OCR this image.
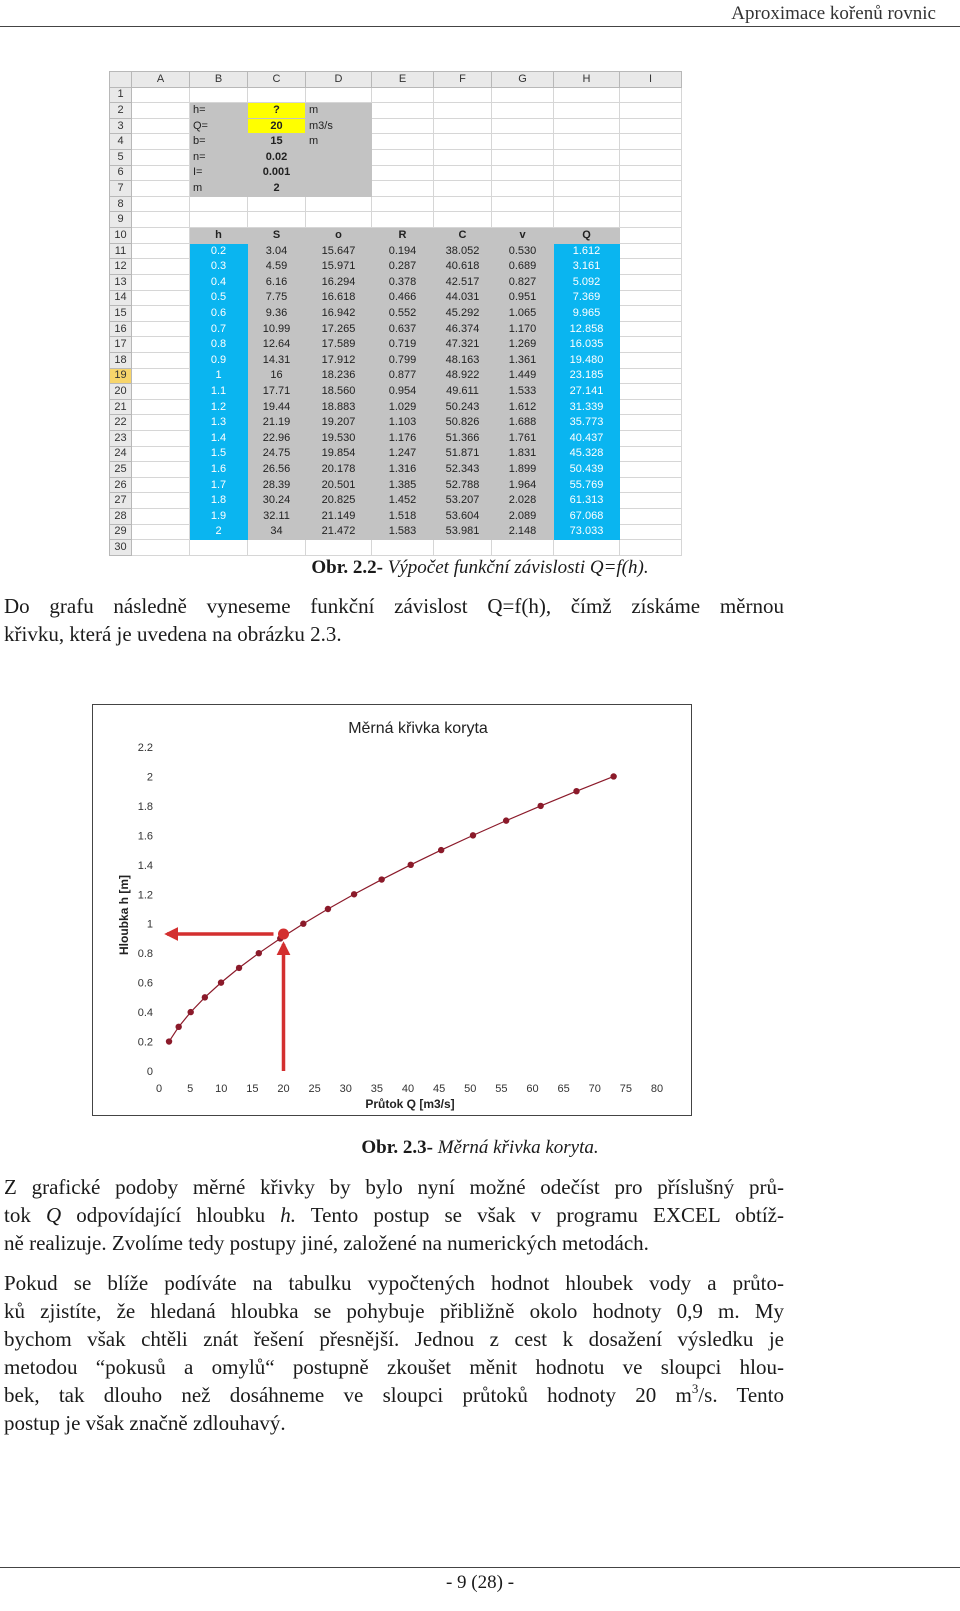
Aproximace kořenů rovnic
	A	B	C	D	E	F	G	H	I
1									
2		h=	?	m					
3		Q=	20	m3/s					
4		b=	15	m					
5		n=	0.02						
6		I=	0.001						
7		m	2						
8									
9									
10		h	S	o	R	C	v	Q	
11		0.2	3.04	15.647	0.194	38.052	0.530	1.612	
12		0.3	4.59	15.971	0.287	40.618	0.689	3.161	
13		0.4	6.16	16.294	0.378	42.517	0.827	5.092	
14		0.5	7.75	16.618	0.466	44.031	0.951	7.369	
15		0.6	9.36	16.942	0.552	45.292	1.065	9.965	
16		0.7	10.99	17.265	0.637	46.374	1.170	12.858	
17		0.8	12.64	17.589	0.719	47.321	1.269	16.035	
18		0.9	14.31	17.912	0.799	48.163	1.361	19.480	
19		1	16	18.236	0.877	48.922	1.449	23.185	
20		1.1	17.71	18.560	0.954	49.611	1.533	27.141	
21		1.2	19.44	18.883	1.029	50.243	1.612	31.339	
22		1.3	21.19	19.207	1.103	50.826	1.688	35.773	
23		1.4	22.96	19.530	1.176	51.366	1.761	40.437	
24		1.5	24.75	19.854	1.247	51.871	1.831	45.328	
25		1.6	26.56	20.178	1.316	52.343	1.899	50.439	
26		1.7	28.39	20.501	1.385	52.788	1.964	55.769	
27		1.8	30.24	20.825	1.452	53.207	2.028	61.313	
28		1.9	32.11	21.149	1.518	53.604	2.089	67.068	
29		2	34	21.472	1.583	53.981	2.148	73.033	
30									
Obr. 2.2- Výpočet funkční závislosti Q=f(h).
Do grafu následně vyneseme funkční závislost Q=f(h), čímž získáme měrnou
křivku, která je uvedena na obrázku 2.3.
Měrná křivka koryta
0
0.2
0.4
0.6
0.8
1
1.2
1.4
1.6
1.8
2
2.2
0 5 10 15 20 25 30 35 40 45 50 55 60 65 70 75 80
Průtok Q [m3/s]
Hloubka h [m]
Obr. 2.3- Měrná křivka koryta.
Z grafické podoby měrné křivky by bylo nyní možné odečíst pro příslušný prů-
tok Q odpovídající hloubku h. Tento postup se však v programu EXCEL obtíž-
ně realizuje. Zvolíme tedy postupy jiné, založené na numerických metodách.
Pokud se blíže podíváte na tabulku vypočtených hodnot hloubek vody a průto-
ků zjistíte, že hledaná hloubka se pohybuje přibližně okolo hodnoty 0,9 m. My
bychom však chtěli znát řešení přesnější. Jednou z cest k dosažení výsledku je
metodou “pokusů a omylů“ postupně zkoušet měnit hodnotu ve sloupci hlou-
bek, tak dlouho než dosáhneme ve sloupci průtoků hodnoty 20 $m^3/s$. Tento
postup je však značně zdlouhavý.
- 9 (28) -
